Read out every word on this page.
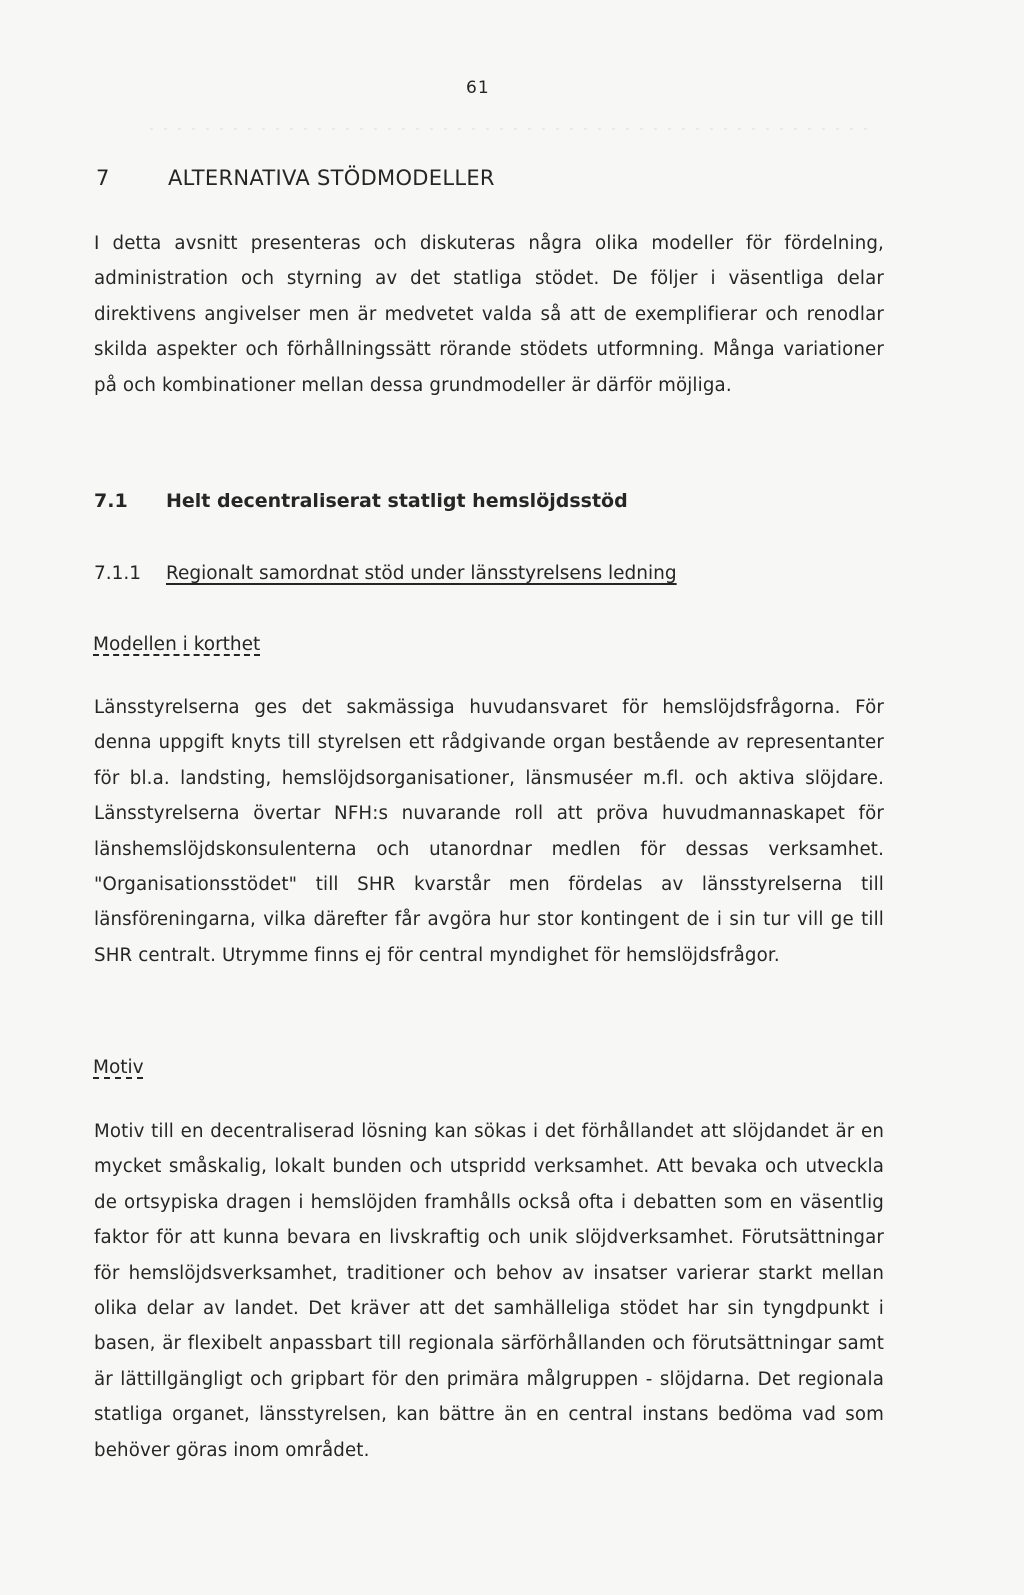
61
7	ALTERNATIVA STÖDMODELLER

I detta avsnitt presenteras och diskuteras några olika modeller för fördelning, administration och styrning av det statliga stödet. De följer i väsentliga delar direktivens angivelser men är medvetet valda så att de exemplifierar och renodlar skilda aspekter och förhållningssätt rörande stödets utformning. Många variationer på och kombinationer mellan dessa grundmodeller är därför möjliga.

7.1 Helt decentraliserat statligt hemslöjdsstöd
7.1.1 Regionalt samordnat stöd under länsstyrelsens ledning
Modellen i korthet

Länsstyrelserna ges det sakmässiga huvudansvaret för hemslöjdsfrågorna. För denna uppgift knyts till styrelsen ett rådgivande organ bestående av representanter för bl.a. landsting, hemslöjdsorganisationer, länsmuséer m.fl. och aktiva slöjdare. Länsstyrelserna övertar NFH:s nuvarande roll att pröva huvudmannaskapet för länshemslöjdskonsulenterna och utanordnar medlen för dessas verksamhet. "Organisationsstödet" till SHR kvarstår men fördelas av länsstyrelserna till länsföreningarna, vilka därefter får avgöra hur stor kontingent de i sin tur vill ge till SHR centralt. Utrymme finns ej för central myndighet för hemslöjdsfrågor.

Motiv

Motiv till en decentraliserad lösning kan sökas i det förhållandet att slöjdandet är en mycket småskalig, lokalt bunden och utspridd verksamhet. Att bevaka och utveckla de ortsypiska dragen i hemslöjden framhålls också ofta i debatten som en väsentlig faktor för att kunna bevara en livskraftig och unik slöjdverksamhet. Förutsättningar för hemslöjdsverksamhet, traditioner och behov av insatser varierar starkt mellan olika delar av landet. Det kräver att det samhälleliga stödet har sin tyngdpunkt i basen, är flexibelt anpassbart till regionala särförhållanden och förutsättningar samt är lättillgängligt och gripbart för den primära målgruppen - slöjdarna. Det regionala statliga organet, länsstyrelsen, kan bättre än en central instans bedöma vad som behöver göras inom området.
